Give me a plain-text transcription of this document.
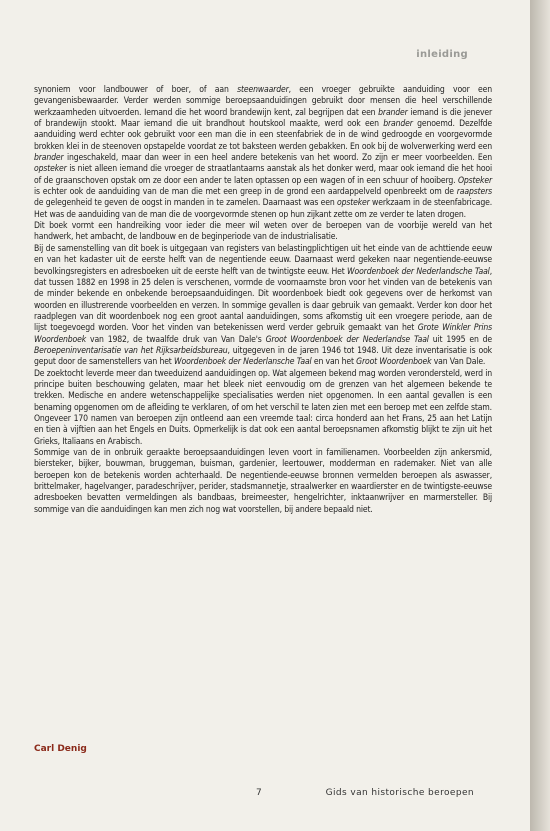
inleiding

synoniem voor landbouwer of boer, of aan steenwaarder, een vroeger gebruikte aanduiding voor een gevangenisbewaarder. Verder werden sommige beroepsaanduidingen gebruikt door mensen die heel verschillende werkzaamheden uitvoerden. Iemand die het woord brandewijn kent, zal begrijpen dat een brander iemand is die jenever of brandewijn stookt. Maar iemand die uit brandhout houtskool maakte, werd ook een brander genoemd. Dezelfde aanduiding werd echter ook gebruikt voor een man die in een steenfabriek de in de wind gedroogde en voorgevormde brokken klei in de steenoven opstapelde voordat ze tot baksteen werden gebakken. En ook bij de wolverwerking werd een brander ingeschakeld, maar dan weer in een heel andere betekenis van het woord. Zo zijn er meer voorbeelden. Een opsteker is niet alleen iemand die vroeger de straatlantaarns aanstak als het donker werd, maar ook iemand die het hooi of de graanschoven opstak om ze door een ander te laten optassen op een wagen of in een schuur of hooiberg. Opsteker is echter ook de aanduiding van de man die met een greep in de grond een aardappelveld openbreekt om de raapsters de gelegenheid te geven de oogst in manden in te zamelen. Daarnaast was een opsteker werkzaam in de steenfabricage. Het was de aanduiding van de man die de voorgevormde stenen op hun zijkant zette om ze verder te laten drogen.

Dit boek vormt een handreiking voor ieder die meer wil weten over de beroepen van de voorbije wereld van het handwerk, het ambacht, de landbouw en de beginperiode van de industrialisatie.

Bij de samenstelling van dit boek is uitgegaan van registers van belastingplichtigen uit het einde van de achttiende eeuw en van het kadaster uit de eerste helft van de negentiende eeuw. Daarnaast werd gekeken naar negentiende-eeuwse bevolkingsregisters en adresboeken uit de eerste helft van de twintigste eeuw. Het Woordenboek der Nederlandsche Taal, dat tussen 1882 en 1998 in 25 delen is verschenen, vormde de voornaamste bron voor het vinden van de betekenis van de minder bekende en onbekende beroepsaanduidingen. Dit woordenboek biedt ook gegevens over de herkomst van woorden en illustrerende voorbeelden en verzen. In sommige gevallen is daar gebruik van gemaakt. Verder kon door het raadplegen van dit woordenboek nog een groot aantal aanduidingen, soms afkomstig uit een vroegere periode, aan de lijst toegevoegd worden. Voor het vinden van betekenissen werd verder gebruik gemaakt van het Grote Winkler Prins Woordenboek van 1982, de twaalfde druk van Van Dale's Groot Woordenboek der Nederlandse Taal uit 1995 en de Beroepeninventarisatie van het Rijksarbeidsbureau, uitgegeven in de jaren 1946 tot 1948. Uit deze inventarisatie is ook geput door de samenstellers van het Woordenboek der Nederlansche Taal en van het Groot Woordenboek van Van Dale.

De zoektocht leverde meer dan tweeduizend aanduidingen op. Wat algemeen bekend mag worden verondersteld, werd in principe buiten beschouwing gelaten, maar het bleek niet eenvoudig om de grenzen van het algemeen bekende te trekken. Medische en andere wetenschappelijke specialisaties werden niet opgenomen. In een aantal gevallen is een benaming opgenomen om de afleiding te verklaren, of om het verschil te laten zien met een beroep met een zelfde stam. Ongeveer 170 namen van beroepen zijn ontleend aan een vreemde taal: circa honderd aan het Frans, 25 aan het Latijn en tien à vijftien aan het Engels en Duits. Opmerkelijk is dat ook een aantal beroepsnamen afkomstig blijkt te zijn uit het Grieks, Italiaans en Arabisch.

Sommige van de in onbruik geraakte beroepsaanduidingen leven voort in familienamen. Voorbeelden zijn ankersmid, biersteker, bijker, bouwman, bruggeman, buisman, gardenier, leertouwer, modderman en rademaker. Niet van alle beroepen kon de betekenis worden achterhaald. De negentiende-eeuwse bronnen vermelden beroepen als aswasser, brittelmaker, hagelvanger, paradeschrijver, perider, stadsmannetje, straalwerker en waardierster en de twintigste-eeuwse adresboeken bevatten vermeldingen als bandbaas, breimeester, hengelrichter, inktaanwrijver en marmersteller. Bij sommige van die aanduidingen kan men zich nog wat voorstellen, bij andere bepaald niet.

Carl Denig
7	Gids van historische beroepen
